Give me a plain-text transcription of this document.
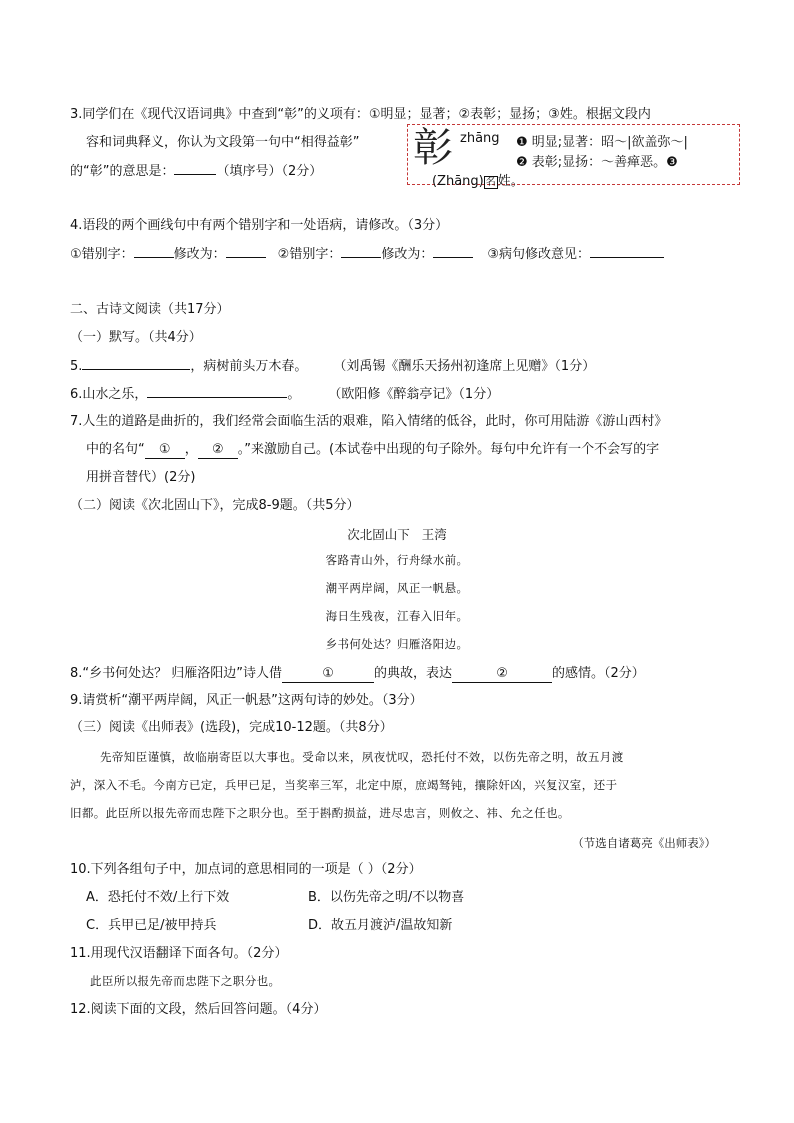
3.同学们在《现代汉语词典》中查到“彰”的义项有：①明显；显著；②表彰；显扬；③姓。根据文段内
容和词典释义，你认为文段第一句中“相得益彰”
的“彰”的意思是：	（填序号）（2分）
彰 zhāng ❶ 明显;显著：昭～|欲盖弥～|
❷ 表彰;显扬：～善瘅恶。❸
(Zhāng) 名 姓。
4.语段的两个画线句中有两个错别字和一处语病，请修改。（3分）
①错别字：	修改为：	②错别字：	修改为：	③病句修改意见：
二、古诗文阅读（共17分）
（一）默写。（共4分）
5.	，病树前头万木春。 （刘禹锡《酬乐天扬州初逢席上见赠》（1分）
6.山水之乐，	。 （欧阳修《醉翁亭记》（1分）
7.人生的道路是曲折的，我们经常会面临生活的艰难，陷入情绪的低谷，此时，你可用陆游《游山西村》
中的名句“ ① ， ② 。”来激励自己。(本试卷中出现的句子除外。每句中允许有一个不会写的字
用拼音替代）(2分)
（二）阅读《次北固山下》，完成8-9题。（共5分）
次北固山下 王湾
客路青山外，行舟绿水前。
潮平两岸阔，风正一帆悬。
海日生残夜，江春入旧年。
乡书何处达？归雁洛阳边。
8.“乡书何处达？ 归雁洛阳边”诗人借	①	的典故，表达	②	的感情。（2分）
9.请赏析“潮平两岸阔，风正一帆悬”这两句诗的妙处。（3分）
（三）阅读《出师表》(选段)，完成10-12题。（共8分）
先帝知臣谨慎，故临崩寄臣以大事也。受命以来，夙夜忧叹，恐托付不效，以伤先帝之明，故五月渡
泸，深入不毛。今南方已定，兵甲已足，当奖率三军，北定中原，庶竭驽钝，攘除奸凶，兴复汉室，还于
旧都。此臣所以报先帝而忠陛下之职分也。至于斟酌损益，进尽忠言，则攸之、祎、允之任也。
（节选自诸葛亮《出师表》）
10.下列各组句子中，加点词的意思相同的一项是（ ）（2分）
A．恐托付不效/上行下效	B．以伤先帝之明/不以物喜
C．兵甲已足/被甲持兵	D．故五月渡泸/温故知新
11.用现代汉语翻译下面各句。（2分）
此臣所以报先帝而忠陛下之职分也。
12.阅读下面的文段，然后回答问题。（4分）
